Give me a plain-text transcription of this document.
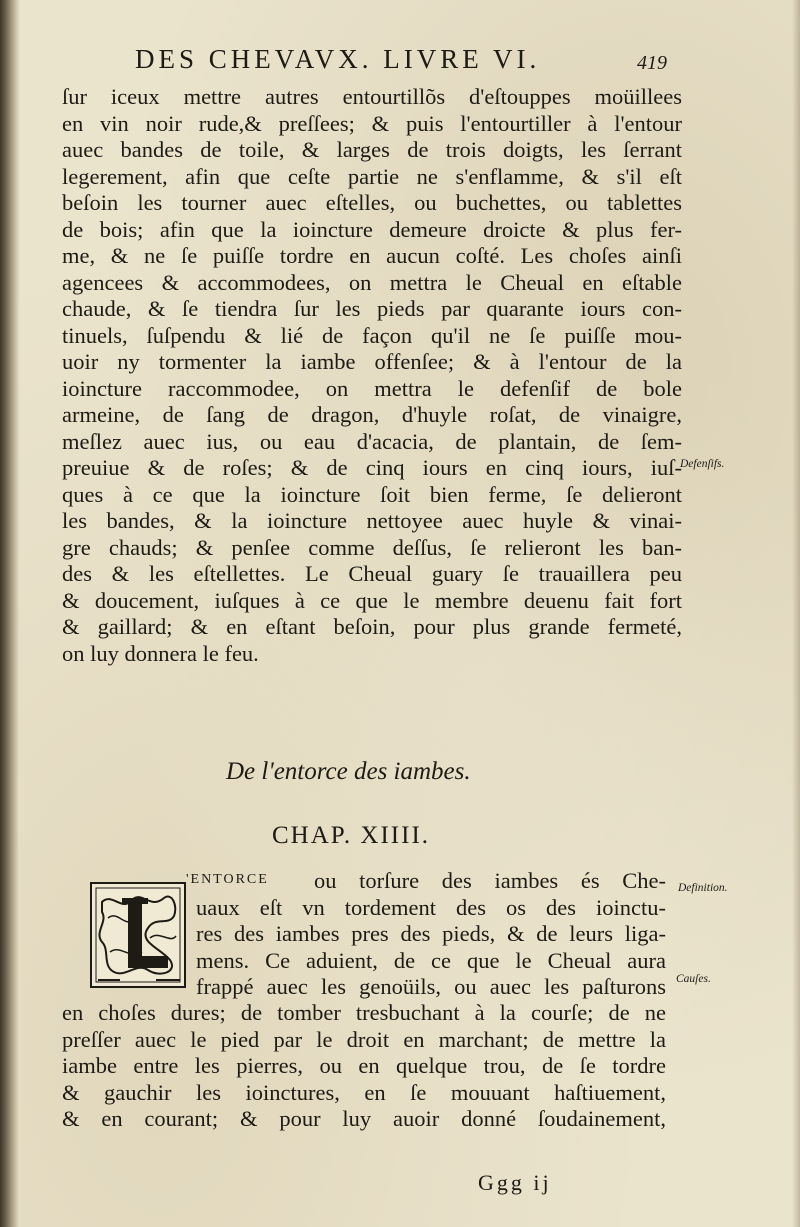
DES CHEVAVX. LIVRE VI.	419
ſur iceux mettre autres entourtillõs d'eſtouppes moüillees
en vin noir rude,& preſſees; & puis l'entourtiller à l'entour
auec bandes de toile, & larges de trois doigts, les ſerrant
legerement, afin que ceſte partie ne s'enflamme, & s'il eſt
beſoin les tourner auec eſtelles, ou buchettes, ou tablettes
de bois; afin que la ioincture demeure droicte & plus fer-
me, & ne ſe puiſſe tordre en aucun coſté. Les choſes ainſi
agencees & accommodees, on mettra le Cheual en eſtable
chaude, & ſe tiendra ſur les pieds par quarante iours con-
tinuels, ſuſpendu & lié de façon qu'il ne ſe puiſſe mou-
uoir ny tormenter la iambe offenſee; & à l'entour de la
ioincture raccommodee, on mettra le defenſif de bole
armeine, de ſang de dragon, d'huyle roſat, de vinaigre,
meſlez auec ius, ou eau d'acacia, de plantain, de ſem-
preuiue & de roſes; & de cinq iours en cinq iours, iuſ-
ques à ce que la ioincture ſoit bien ferme, ſe delieront
les bandes, & la ioincture nettoyee auec huyle & vinai-
gre chauds; & penſee comme deſſus, ſe relieront les ban-
des & les eſtellettes. Le Cheual guary ſe trauaillera peu
& doucement, iuſques à ce que le membre deuenu fait fort
& gaillard; & en eſtant beſoin, pour plus grande fermeté,
on luy donnera le feu.
Defenſifs.
De l'entorce des iambes.
CHAP. XIIII.
'ENTORCE	ou torſure des iambes és Che-
uaux eſt vn tordement des os des ioinctu-
res des iambes pres des pieds, & de leurs liga-
mens. Ce aduient, de ce que le Cheual aura
frappé auec les genoüils, ou auec les paſturons
Definition.
Cauſes.
en choſes dures; de tomber tresbuchant à la courſe; de ne
preſſer auec le pied par le droit en marchant; de mettre la
iambe entre les pierres, ou en quelque trou, de ſe tordre
& gauchir les ioinctures, en ſe mouuant haſtiuement,
& en courant; & pour luy auoir donné ſoudainement,
Ggg ij
